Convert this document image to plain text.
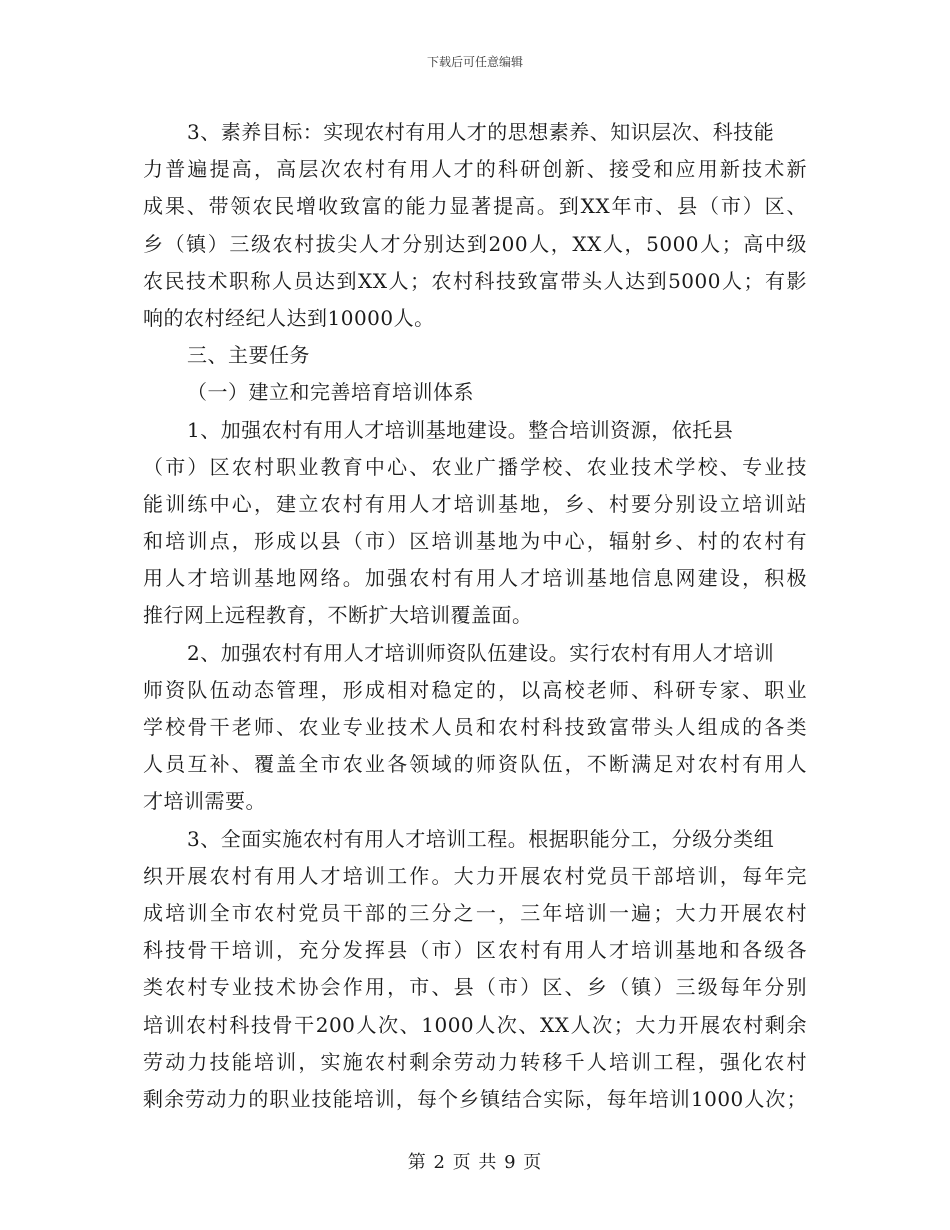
下载后可任意编辑
3、素养目标：实现农村有用人才的思想素养、知识层次、科技能
力普遍提高，高层次农村有用人才的科研创新、接受和应用新技术新
成果、带领农民增收致富的能力显著提高。到XX年市、县（市）区、
乡（镇）三级农村拔尖人才分别达到200人，XX人，5000人；高中级
农民技术职称人员达到XX人；农村科技致富带头人达到5000人；有影
响的农村经纪人达到10000人。
三、主要任务
（一）建立和完善培育培训体系
1、加强农村有用人才培训基地建设。整合培训资源，依托县
（市）区农村职业教育中心、农业广播学校、农业技术学校、专业技
能训练中心，建立农村有用人才培训基地，乡、村要分别设立培训站
和培训点，形成以县（市）区培训基地为中心，辐射乡、村的农村有
用人才培训基地网络。加强农村有用人才培训基地信息网建设，积极
推行网上远程教育，不断扩大培训覆盖面。
2、加强农村有用人才培训师资队伍建设。实行农村有用人才培训
师资队伍动态管理，形成相对稳定的，以高校老师、科研专家、职业
学校骨干老师、农业专业技术人员和农村科技致富带头人组成的各类
人员互补、覆盖全市农业各领域的师资队伍，不断满足对农村有用人
才培训需要。
3、全面实施农村有用人才培训工程。根据职能分工，分级分类组
织开展农村有用人才培训工作。大力开展农村党员干部培训，每年完
成培训全市农村党员干部的三分之一，三年培训一遍；大力开展农村
科技骨干培训，充分发挥县（市）区农村有用人才培训基地和各级各
类农村专业技术协会作用，市、县（市）区、乡（镇）三级每年分别
培训农村科技骨干200人次、1000人次、XX人次；大力开展农村剩余
劳动力技能培训，实施农村剩余劳动力转移千人培训工程，强化农村
剩余劳动力的职业技能培训，每个乡镇结合实际，每年培训1000人次；
第 2 页 共 9 页
